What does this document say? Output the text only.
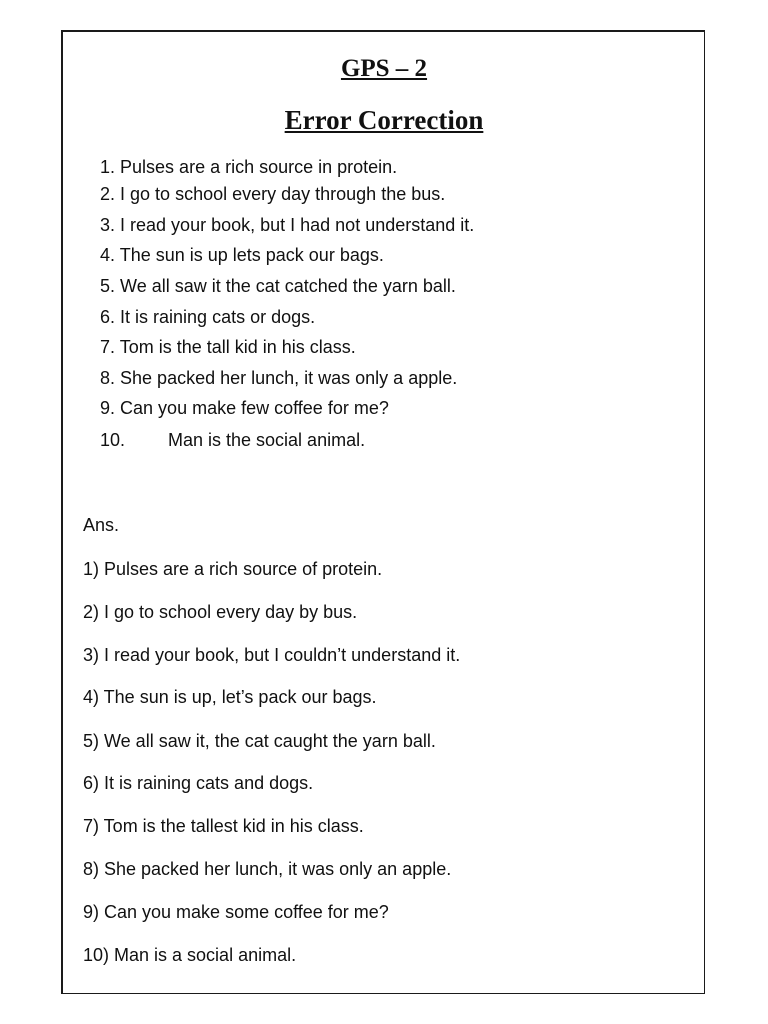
GPS – 2
Error Correction
1. Pulses are a rich source in protein.
2. I go to school every day through the bus.
3. I read your book, but I had not understand it.
4. The sun is up lets pack our bags.
5. We all saw it the cat catched the yarn ball.
6. It is raining cats or dogs.
7. Tom is the tall kid in his class.
8. She packed her lunch, it was only a apple.
9. Can you make few coffee for me?
10. Man is the social animal.

Ans.

1) Pulses are a rich source of protein.
2) I go to school every day by bus.
3) I read your book, but I couldn’t understand it.
4) The sun is up, let’s pack our bags.
5) We all saw it, the cat caught the yarn ball.
6) It is raining cats and dogs.
7) Tom is the tallest kid in his class.
8) She packed her lunch, it was only an apple.
9) Can you make some coffee for me?
10) Man is a social animal.
